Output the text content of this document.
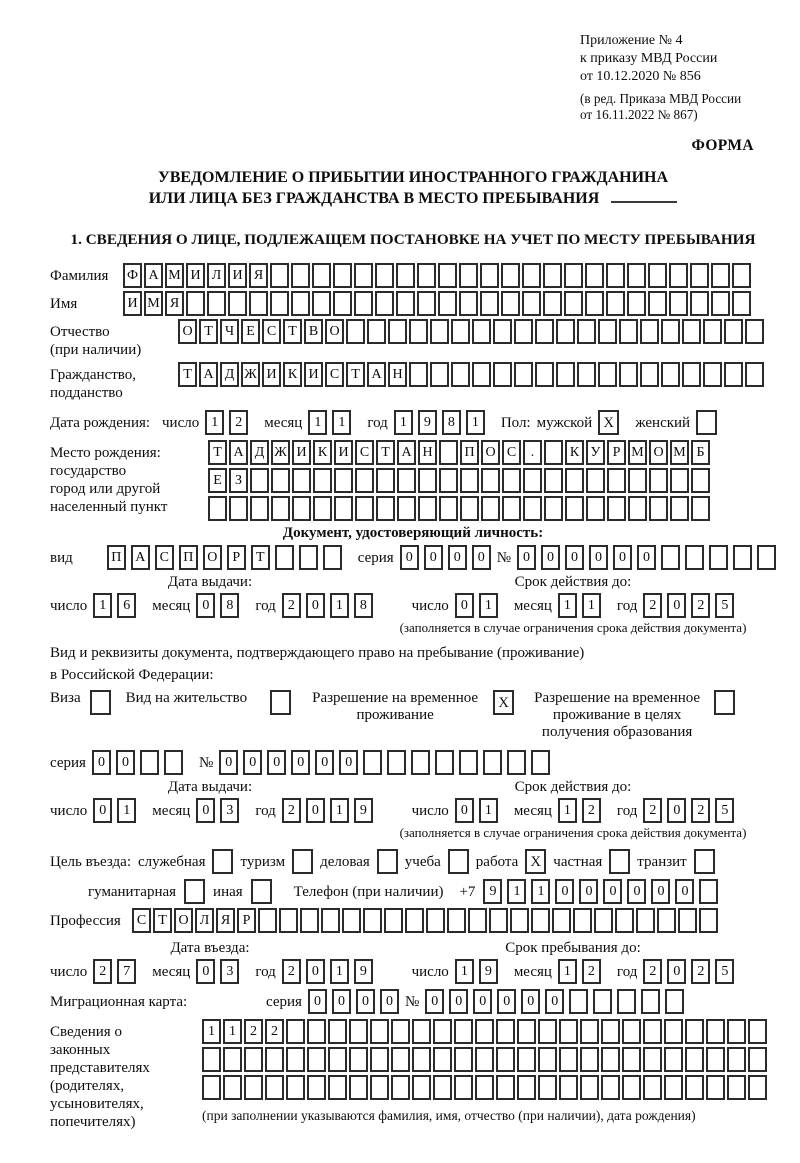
Приложение № 4
к приказу МВД России
от 10.12.2020 № 856
(в ред. Приказа МВД России
от 16.11.2022 № 867)
ФОРМА
УВЕДОМЛЕНИЕ О ПРИБЫТИИ ИНОСТРАННОГО ГРАЖДАНИНА
ИЛИ ЛИЦА БЕЗ ГРАЖДАНСТВА В МЕСТО ПРЕБЫВАНИЯ
1. СВЕДЕНИЯ О ЛИЦЕ, ПОДЛЕЖАЩЕМ ПОСТАНОВКЕ НА УЧЕТ ПО МЕСТУ ПРЕБЫВАНИЯ
Фамилия	Ф А М И Л И Я
Имя	И М Я
Отчество
(при наличии)
О Т Ч Е С Т В О
Гражданство,
подданство
Т А Д Ж И К И С Т А Н
Дата рождения: число 1	2	месяц 1	1	год 1	9	8	1	Пол: мужской X	женский
Место рождения:
государство
город или другой
населенный пункт
Т А Д Ж И К И С Т А Н	П О С	.	К У Р М О М Б
Е З
Документ, удостоверяющий личность:
вид	П А	С	П О	Р	Т	серия 0	0	0	0 № 0	0	0	0	0	0
Дата выдачи:
число 1	6	месяц 0	8	год 2	0	1	8
Срок действия до:
число 0	1	месяц 1	1	год 2	0	2	5
(заполняется в случае ограничения срока действия документа)
Вид и реквизиты документа, подтверждающего право на пребывание (проживание)
в Российской Федерации:
Виза	Вид на жительство	Разрешение на временное
проживание
X	Разрешение на временное
проживание в целях
получения образования
серия 0	0	№ 0	0	0	0	0	0
Дата выдачи:
число 0	1	месяц 0	3	год 2	0	1	9
Срок действия до:
число 0	1	месяц 1	2	год 2	0	2	5
(заполняется в случае ограничения срока действия документа)
Цель въезда: служебная туризм деловая учеба работа X частная транзит
гуманитарная иная	Телефон (при наличии) +7	9	1	1	0	0	0	0	0	0
Профессия	С Т О Л Я Р
Дата въезда:
число 2	7	месяц 0	3	год 2	0	1	9
Срок пребывания до:
число 1	9	месяц 1	2	год 2	0	2	5
Миграционная карта:	серия 0	0	0	0 № 0	0	0	0	0	0
Сведения о
законных
представителях
(родителях,
усыновителях,
попечителях)
1	1	2	2
(при заполнении указываются фамилия, имя, отчество (при наличии), дата рождения)
